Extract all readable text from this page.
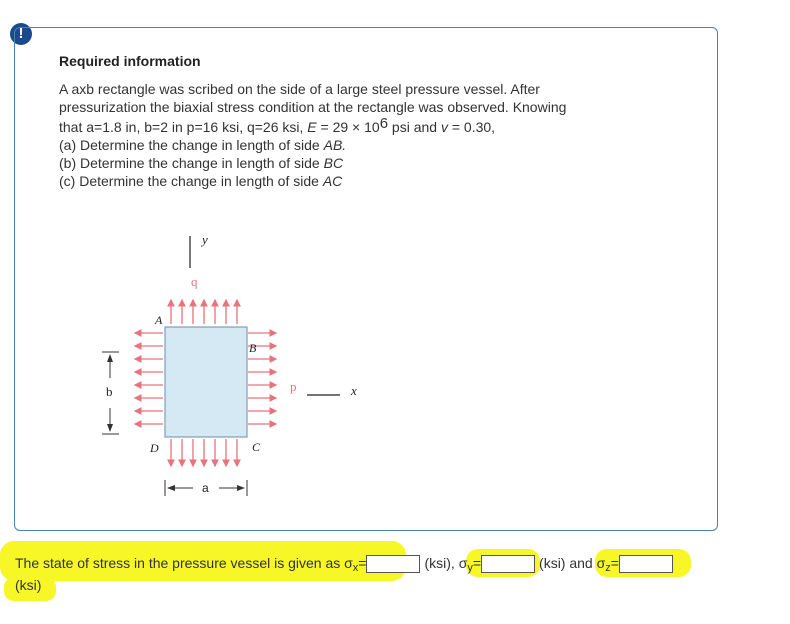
!
Required information

A axb rectangle was scribed on the side of a large steel pressure vessel. After

pressurization the biaxial stress condition at the rectangle was observed. Knowing

that a=1.8 in, b=2 in p=16 ksi, q=26 ksi, $E = 29 \times 10^6$ psi and v = 0.30,

(a) Determine the change in length of side AB.

(b) Determine the change in length of side BC

(c) Determine the change in length of side AC

y
q
A
B
C
D
p	x
b
a
The state of stress in the pressure vessel is given as $\sigma_x=$	(ksi), $\sigma_y=$	(ksi) and $\sigma_z=$
(ksi)
